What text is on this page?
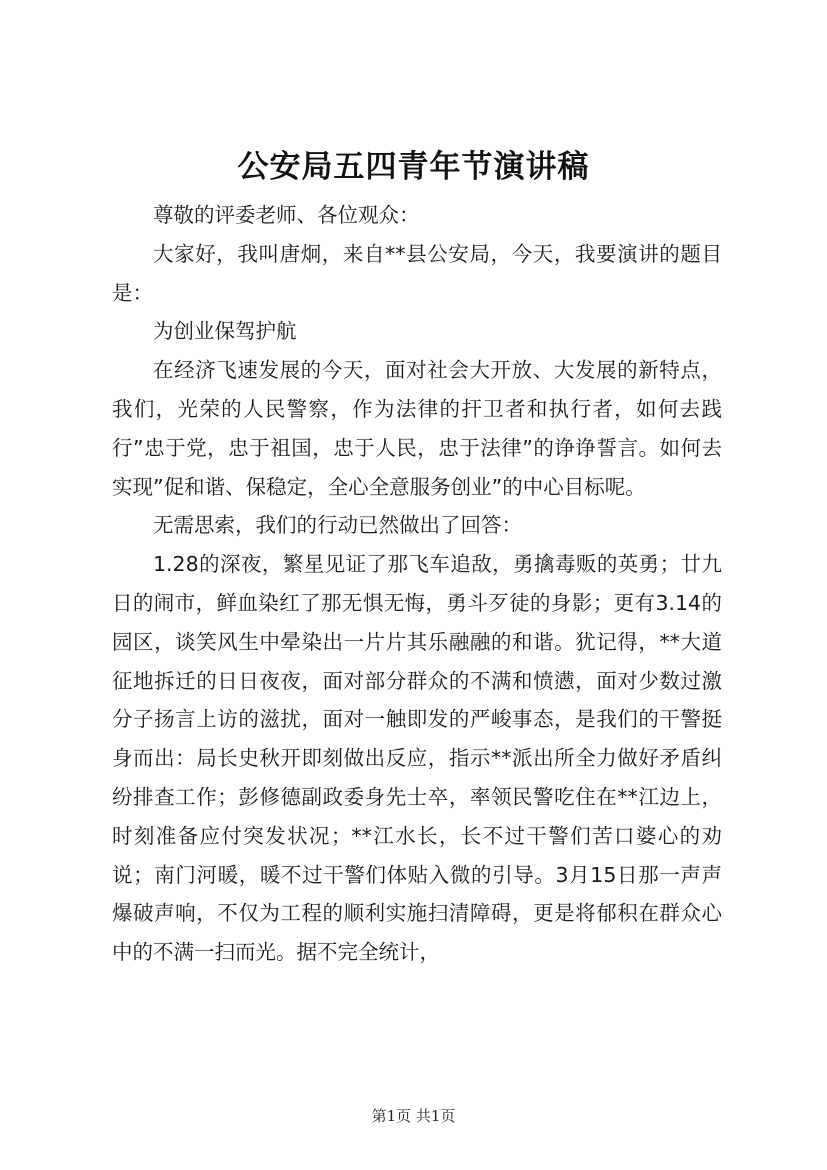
公安局五四青年节演讲稿

尊敬的评委老师、各位观众：

大家好，我叫唐炯，来自**县公安局，今天，我要演讲的题目是：

为创业保驾护航

在经济飞速发展的今天，面对社会大开放、大发展的新特点，我们，光荣的人民警察，作为法律的扞卫者和执行者，如何去践行”忠于党，忠于祖国，忠于人民，忠于法律”的诤诤誓言。如何去实现”促和谐、保稳定，全心全意服务创业”的中心目标呢。

无需思索，我们的行动已然做出了回答：

1.28的深夜，繁星见证了那飞车追敌，勇擒毒贩的英勇；廿九日的闹市，鲜血染红了那无惧无悔，勇斗歹徒的身影；更有3.14的园区，谈笑风生中晕染出一片片其乐融融的和谐。犹记得，**大道征地拆迁的日日夜夜，面对部分群众的不满和愤懑，面对少数过激分子扬言上访的滋扰，面对一触即发的严峻事态，是我们的干警挺身而出：局长史秋开即刻做出反应，指示**派出所全力做好矛盾纠纷排查工作；彭修德副政委身先士卒，率领民警吃住在**江边上，时刻准备应付突发状况；**江水长，长不过干警们苦口婆心的劝说；南门河暖，暖不过干警们体贴入微的引导。3月15日那一声声爆破声响，不仅为工程的顺利实施扫清障碍，更是将郁积在群众心中的不满一扫而光。据不完全统计，

第1页 共1页
